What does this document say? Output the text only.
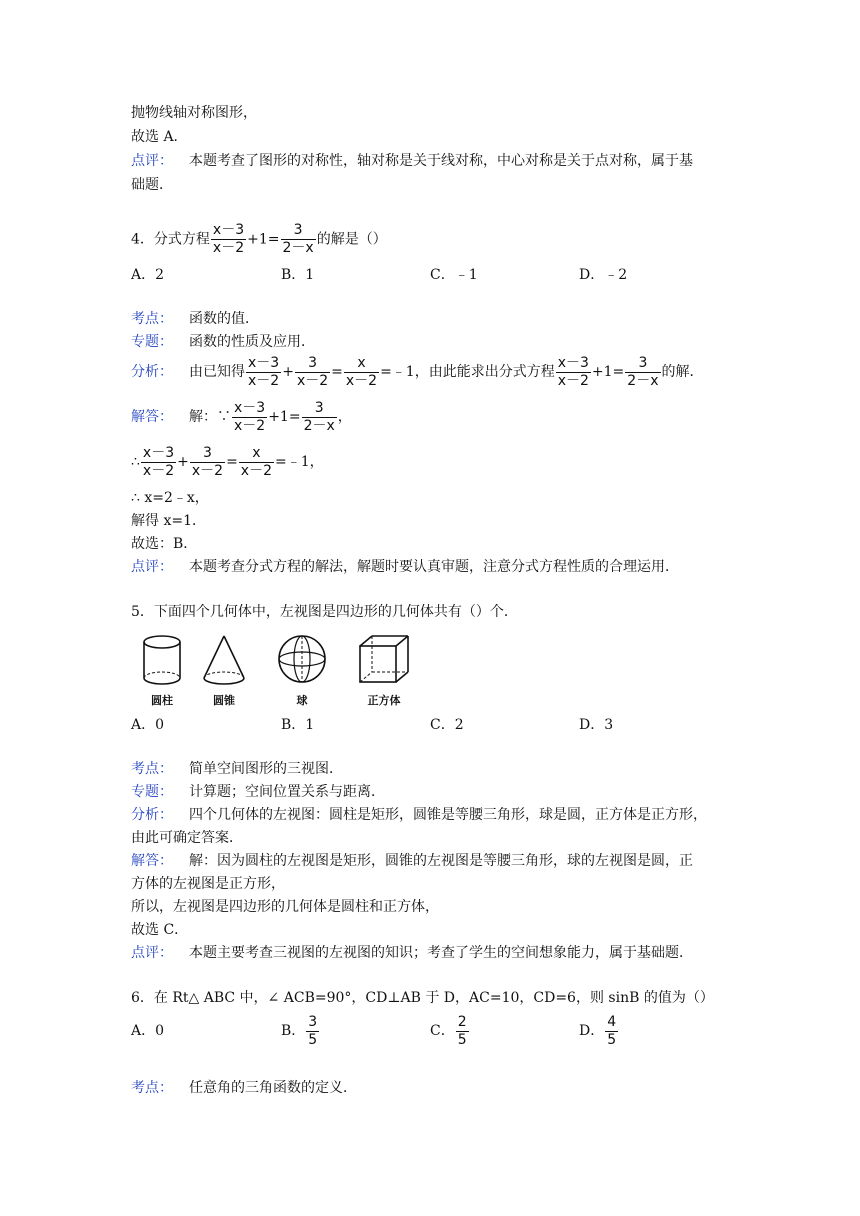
抛物线轴对称图形，
故选 A．
点评： 本题考查了图形的对称性，轴对称是关于线对称，中心对称是关于点对称，属于基
础题．
4．分式方程 $\frac{x-3}{x-2} +1= \frac{3}{2-x}$ 的解是（）
A．2	B．1	C．﹣1	D．﹣2
考点： 函数的值．
专题： 函数的性质及应用．
分析： 由已知得 $\frac{x-3}{x-2} + \frac{3}{x-2} = \frac{x}{x-2}$ =﹣1，由此能求出分式方程 $\frac{x-3}{x-2} +1= \frac{3}{2-x}$ 的解．
解答： 解：∵ $\frac{x-3}{x-2} +1= \frac{3}{2-x}$ ，
∴ $\frac{x-3}{x-2} + \frac{3}{x-2} = \frac{x}{x-2}$ =﹣1，
∴ x=2﹣x，
解得 x=1．
故选：B．
点评： 本题考查分式方程的解法，解题时要认真审题，注意分式方程性质的合理运用．
5．下面四个几何体中，左视图是四边形的几何体共有（）个．
圆柱	圆锥	球	正方体
A．0	B．1	C．2	D．3
考点： 简单空间图形的三视图．
专题： 计算题；空间位置关系与距离．
分析： 四个几何体的左视图：圆柱是矩形，圆锥是等腰三角形，球是圆，正方体是正方形，
由此可确定答案．
解答： 解：因为圆柱的左视图是矩形，圆锥的左视图是等腰三角形，球的左视图是圆，正
方体的左视图是正方形，
所以，左视图是四边形的几何体是圆柱和正方体，
故选 C．
点评： 本题主要考查三视图的左视图的知识；考查了学生的空间想象能力，属于基础题．
6．在 Rt△ ABC 中，∠ ACB=90°，CD⊥AB 于 D，AC=10，CD=6，则 sinB 的值为（）
A．0	B． $\frac{3}{5}$	C． $\frac{2}{5}$	D． $\frac{4}{5}$
考点： 任意角的三角函数的定义．
